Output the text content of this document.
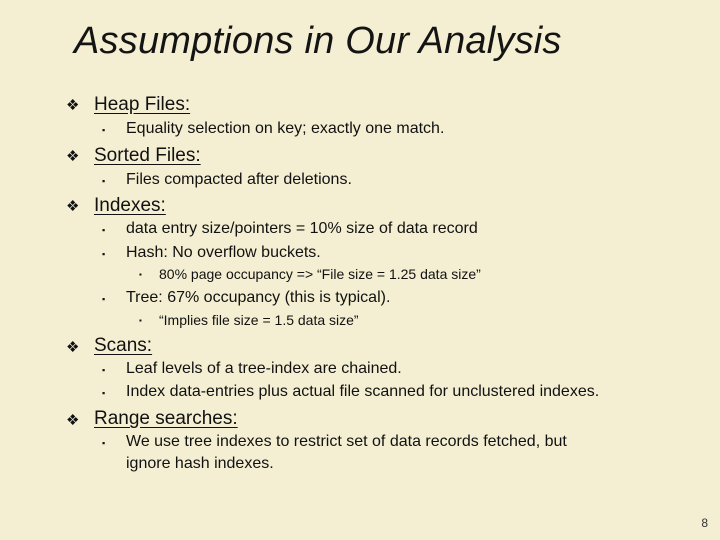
Assumptions in Our Analysis
❖ Heap Files:
▪ Equality selection on key; exactly one match.
❖ Sorted Files:
▪ Files compacted after deletions.
❖ Indexes:
▪ data entry size/pointers = 10% size of data record
▪ Hash: No overflow buckets.
▪ 80% page occupancy => “File size = 1.25 data size”
▪ Tree: 67% occupancy (this is typical).
▪ “Implies file size = 1.5 data size”
❖ Scans:
▪ Leaf levels of a tree-index are chained.
▪ Index data-entries plus actual file scanned for unclustered indexes.
❖ Range searches:
▪ We use tree indexes to restrict set of data records fetched, but
ignore hash indexes.
8
